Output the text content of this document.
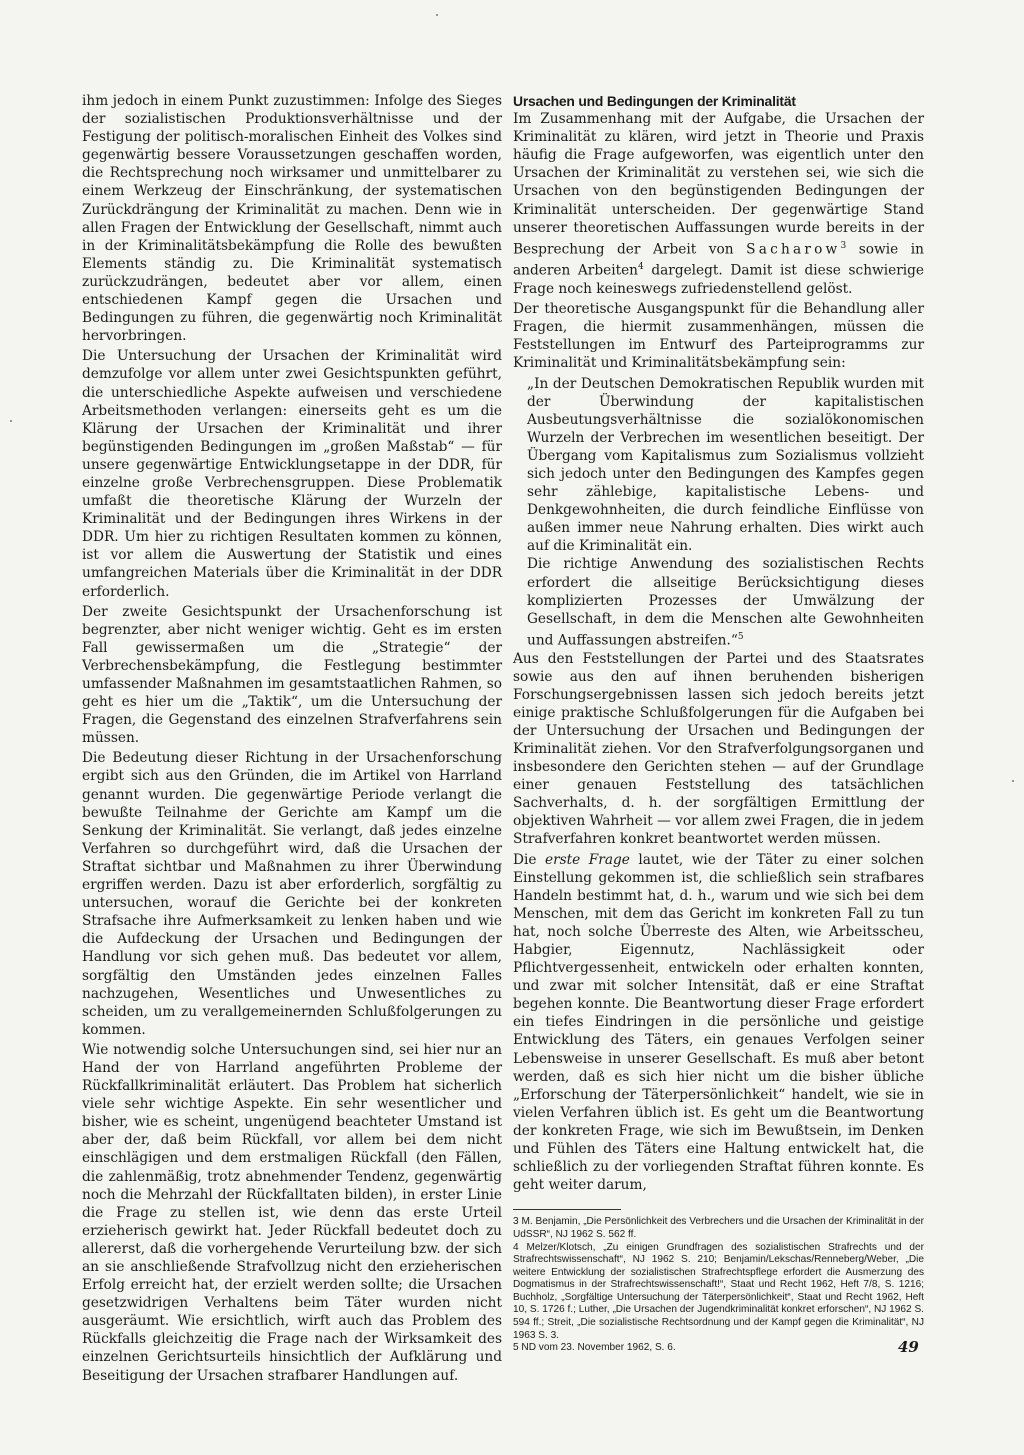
ihm jedoch in einem Punkt zuzustimmen: Infolge des Sieges der sozialistischen Produktionsverhältnisse und der Festigung der politisch-moralischen Einheit des Volkes sind gegenwärtig bessere Voraussetzungen geschaffen worden, die Rechtsprechung noch wirksamer und unmittelbarer zu einem Werkzeug der Einschränkung, der systematischen Zurückdrängung der Kriminalität zu machen. Denn wie in allen Fragen der Entwicklung der Gesellschaft, nimmt auch in der Kriminalitätsbekämpfung die Rolle des bewußten Elements ständig zu. Die Kriminalität systematisch zurückzudrängen, bedeutet aber vor allem, einen entschiedenen Kampf gegen die Ursachen und Bedingungen zu führen, die gegenwärtig noch Kriminalität hervorbringen.

Die Untersuchung der Ursachen der Kriminalität wird demzufolge vor allem unter zwei Gesichtspunkten geführt, die unterschiedliche Aspekte aufweisen und verschiedene Arbeitsmethoden verlangen: einerseits geht es um die Klärung der Ursachen der Kriminalität und ihrer begünstigenden Bedingungen im „großen Maßstab“ — für unsere gegenwärtige Entwicklungsetappe in der DDR, für einzelne große Verbrechensgruppen. Diese Problematik umfaßt die theoretische Klärung der Wurzeln der Kriminalität und der Bedingungen ihres Wirkens in der DDR. Um hier zu richtigen Resultaten kommen zu können, ist vor allem die Auswertung der Statistik und eines umfangreichen Materials über die Kriminalität in der DDR erforderlich.

Der zweite Gesichtspunkt der Ursachenforschung ist begrenzter, aber nicht weniger wichtig. Geht es im ersten Fall gewissermaßen um die „Strategie“ der Verbrechensbekämpfung, die Festlegung bestimmter umfassender Maßnahmen im gesamtstaatlichen Rahmen, so geht es hier um die „Taktik“, um die Untersuchung der Fragen, die Gegenstand des einzelnen Strafverfahrens sein müssen.

Die Bedeutung dieser Richtung in der Ursachenforschung ergibt sich aus den Gründen, die im Artikel von Harrland genannt wurden. Die gegenwärtige Periode verlangt die bewußte Teilnahme der Gerichte am Kampf um die Senkung der Kriminalität. Sie verlangt, daß jedes einzelne Verfahren so durchgeführt wird, daß die Ursachen der Straftat sichtbar und Maßnahmen zu ihrer Überwindung ergriffen werden. Dazu ist aber erforderlich, sorgfältig zu untersuchen, worauf die Gerichte bei der konkreten Strafsache ihre Aufmerksamkeit zu lenken haben und wie die Aufdeckung der Ursachen und Bedingungen der Handlung vor sich gehen muß. Das bedeutet vor allem, sorgfältig den Umständen jedes einzelnen Falles nachzugehen, Wesentliches und Unwesentliches zu scheiden, um zu verallgemeinernden Schlußfolgerungen zu kommen.

Wie notwendig solche Untersuchungen sind, sei hier nur an Hand der von Harrland angeführten Probleme der Rückfallkriminalität erläutert. Das Problem hat sicherlich viele sehr wichtige Aspekte. Ein sehr wesentlicher und bisher, wie es scheint, ungenügend beachteter Umstand ist aber der, daß beim Rückfall, vor allem bei dem nicht einschlägigen und dem erstmaligen Rückfall (den Fällen, die zahlenmäßig, trotz abnehmender Tendenz, gegenwärtig noch die Mehrzahl der Rückfalltaten bilden), in erster Linie die Frage zu stellen ist, wie denn das erste Urteil erzieherisch gewirkt hat. Jeder Rückfall bedeutet doch zu allererst, daß die vorhergehende Verurteilung bzw. der sich an sie anschließende Strafvollzug nicht den erzieherischen Erfolg erreicht hat, der erzielt werden sollte; die Ursachen gesetzwidrigen Verhaltens beim Täter wurden nicht ausgeräumt. Wie ersichtlich, wirft auch das Problem des Rückfalls gleichzeitig die Frage nach der Wirksamkeit des einzelnen Gerichtsurteils hinsichtlich der Aufklärung und Beseitigung der Ursachen strafbarer Handlungen auf.

Ursachen und Bedingungen der Kriminalität

Im Zusammenhang mit der Aufgabe, die Ursachen der Kriminalität zu klären, wird jetzt in Theorie und Praxis häufig die Frage aufgeworfen, was eigentlich unter den Ursachen der Kriminalität zu verstehen sei, wie sich die Ursachen von den begünstigenden Bedingungen der Kriminalität unterscheiden. Der gegenwärtige Stand unserer theoretischen Auffassungen wurde bereits in der Besprechung der Arbeit von Sacharow$^3$ sowie in anderen Arbeiten$^4$ dargelegt. Damit ist diese schwierige Frage noch keineswegs zufriedenstellend gelöst.

Der theoretische Ausgangspunkt für die Behandlung aller Fragen, die hiermit zusammenhängen, müssen die Feststellungen im Entwurf des Parteiprogramms zur Kriminalität und Kriminalitätsbekämpfung sein:

„In der Deutschen Demokratischen Republik wurden mit der Überwindung der kapitalistischen Ausbeutungsverhältnisse die sozialökonomischen Wurzeln der Verbrechen im wesentlichen beseitigt. Der Übergang vom Kapitalismus zum Sozialismus vollzieht sich jedoch unter den Bedingungen des Kampfes gegen sehr zählebige, kapitalistische Lebens- und Denkgewohnheiten, die durch feindliche Einflüsse von außen immer neue Nahrung erhalten. Dies wirkt auch auf die Kriminalität ein.

Die richtige Anwendung des sozialistischen Rechts erfordert die allseitige Berücksichtigung dieses komplizierten Prozesses der Umwälzung der Gesellschaft, in dem die Menschen alte Gewohnheiten und Auffassungen abstreifen.“$^5$

Aus den Feststellungen der Partei und des Staatsrates sowie aus den auf ihnen beruhenden bisherigen Forschungsergebnissen lassen sich jedoch bereits jetzt einige praktische Schlußfolgerungen für die Aufgaben bei der Untersuchung der Ursachen und Bedingungen der Kriminalität ziehen. Vor den Strafverfolgungsorganen und insbesondere den Gerichten stehen — auf der Grundlage einer genauen Feststellung des tatsächlichen Sachverhalts, d. h. der sorgfältigen Ermittlung der objektiven Wahrheit — vor allem zwei Fragen, die in jedem Strafverfahren konkret beantwortet werden müssen.

Die erste Frage lautet, wie der Täter zu einer solchen Einstellung gekommen ist, die schließlich sein strafbares Handeln bestimmt hat, d. h., warum und wie sich bei dem Menschen, mit dem das Gericht im konkreten Fall zu tun hat, noch solche Überreste des Alten, wie Arbeitsscheu, Habgier, Eigennutz, Nachlässigkeit oder Pflichtvergessenheit, entwickeln oder erhalten konnten, und zwar mit solcher Intensität, daß er eine Straftat begehen konnte. Die Beantwortung dieser Frage erfordert ein tiefes Eindringen in die persönliche und geistige Entwicklung des Täters, ein genaues Verfolgen seiner Lebensweise in unserer Gesellschaft. Es muß aber betont werden, daß es sich hier nicht um die bisher übliche „Erforschung der Täterpersönlichkeit“ handelt, wie sie in vielen Verfahren üblich ist. Es geht um die Beantwortung der konkreten Frage, wie sich im Bewußtsein, im Denken und Fühlen des Täters eine Haltung entwickelt hat, die schließlich zu der vorliegenden Straftat führen konnte. Es geht weiter darum,

3 M. Benjamin, „Die Persönlichkeit des Verbrechers und die Ursachen der Kriminalität in der UdSSR“, NJ 1962 S. 562 ff.

4 Melzer/Klotsch, „Zu einigen Grundfragen des sozialistischen Strafrechts und der Strafrechtswissenschaft“, NJ 1962 S. 210; Benjamin/Lekschas/Renneberg/Weber, „Die weitere Entwicklung der sozialistischen Strafrechtspflege erfordert die Ausmerzung des Dogmatismus in der Strafrechtswissenschaft!“, Staat und Recht 1962, Heft 7/8, S. 1216; Buchholz, „Sorgfältige Untersuchung der Täterpersönlichkeit“, Staat und Recht 1962, Heft 10, S. 1726 f.; Luther, „Die Ursachen der Jugendkriminalität konkret erforschen“, NJ 1962 S. 594 ff.; Streit, „Die sozialistische Rechtsordnung und der Kampf gegen die Kriminalität“, NJ 1963 S. 3.

5 ND vom 23. November 1962, S. 6.	49
